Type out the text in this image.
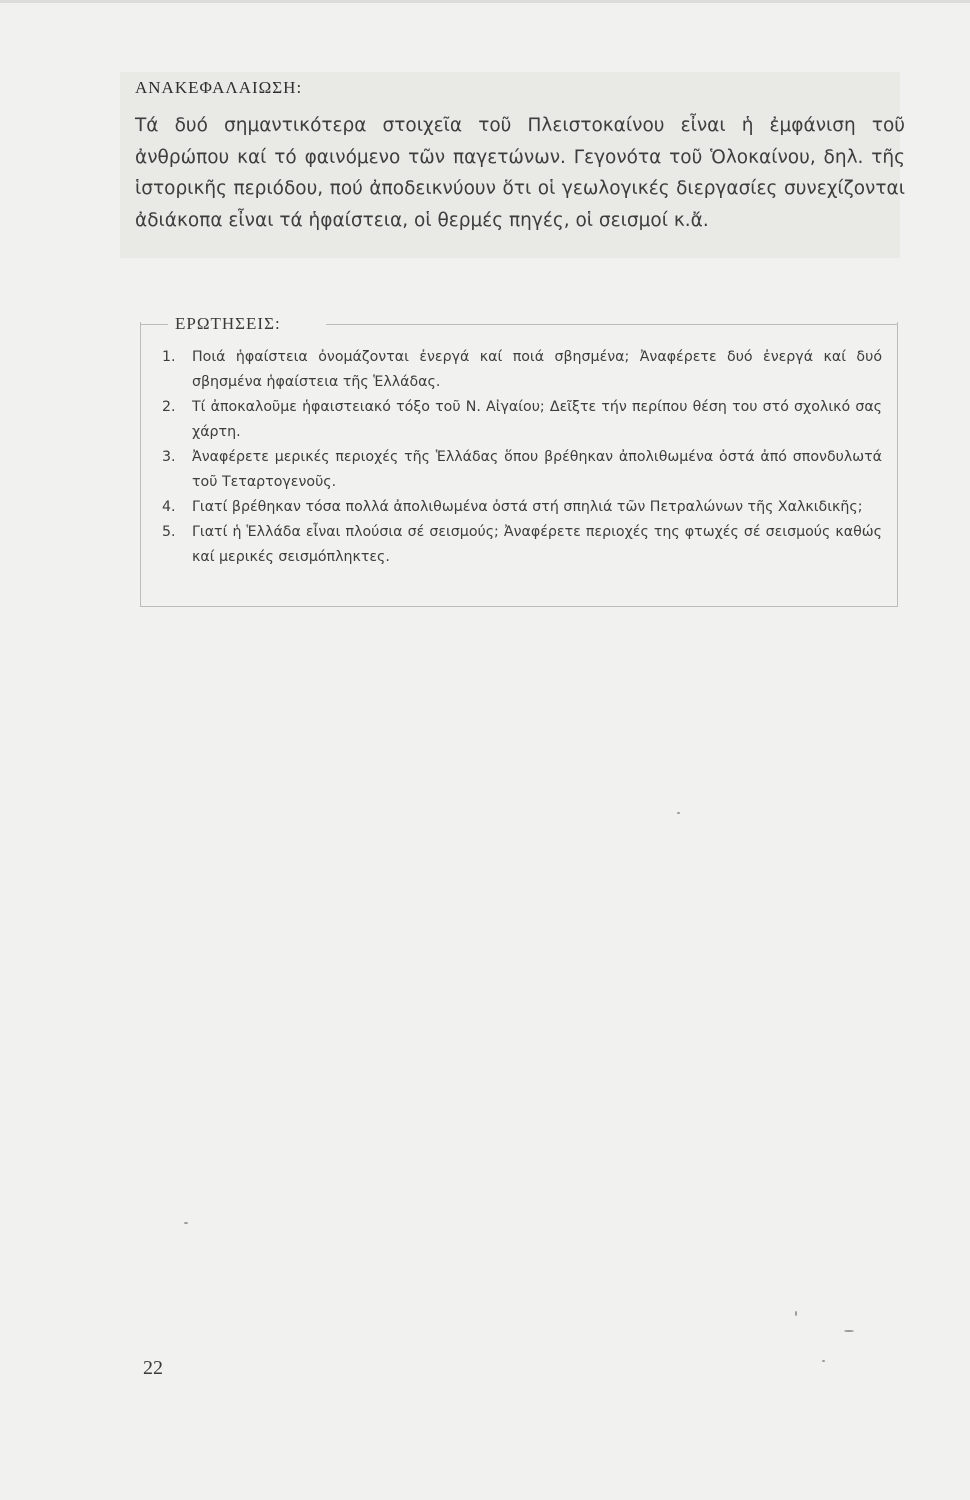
ΑΝΑΚΕΦΑΛΑΙΩΣΗ:

Τά δυό σημαντικότερα στοιχεῖα τοῦ Πλειστοκαίνου εἶναι ἡ ἐμφάνιση τοῦ ἀνθρώπου καί τό φαινόμενο τῶν παγετώνων. Γεγονότα τοῦ Ὁλοκαίνου, δηλ. τῆς ἱστορικῆς περιόδου, πού ἀποδεικνύουν ὅτι οἱ γεωλογικές διεργασίες συνεχίζονται ἀδιάκοπα εἶναι τά ἡφαίστεια, οἱ θερμές πηγές, οἱ σεισμοί κ.ἄ.

ΕΡΩΤΗΣΕΙΣ:
1.	Ποιά ἡφαίστεια ὀνομάζονται ἐνεργά καί ποιά σβησμένα; Ἀναφέρετε δυό ἐνεργά καί δυό σβησμένα ἡφαίστεια τῆς Ἑλλάδας.
2.	Τί ἀποκαλοῦμε ἡφαιστειακό τόξο τοῦ Ν. Αἰγαίου; Δεῖξτε τήν περίπου θέση του στό σχολικό σας χάρτη.
3.	Ἀναφέρετε μερικές περιοχές τῆς Ἑλλάδας ὅπου βρέθηκαν ἀπολιθωμένα ὀστά ἀπό σπονδυλωτά τοῦ Τεταρτογενοῦς.
4.	Γιατί βρέθηκαν τόσα πολλά ἀπολιθωμένα ὀστά στή σπηλιά τῶν Πετραλώνων τῆς Χαλκιδικῆς;
5.	Γιατί ἡ Ἑλλάδα εἶναι πλούσια σέ σεισμούς; Ἀναφέρετε περιοχές της φτωχές σέ σεισμούς καθώς καί μερικές σεισμόπληκτες.

22
